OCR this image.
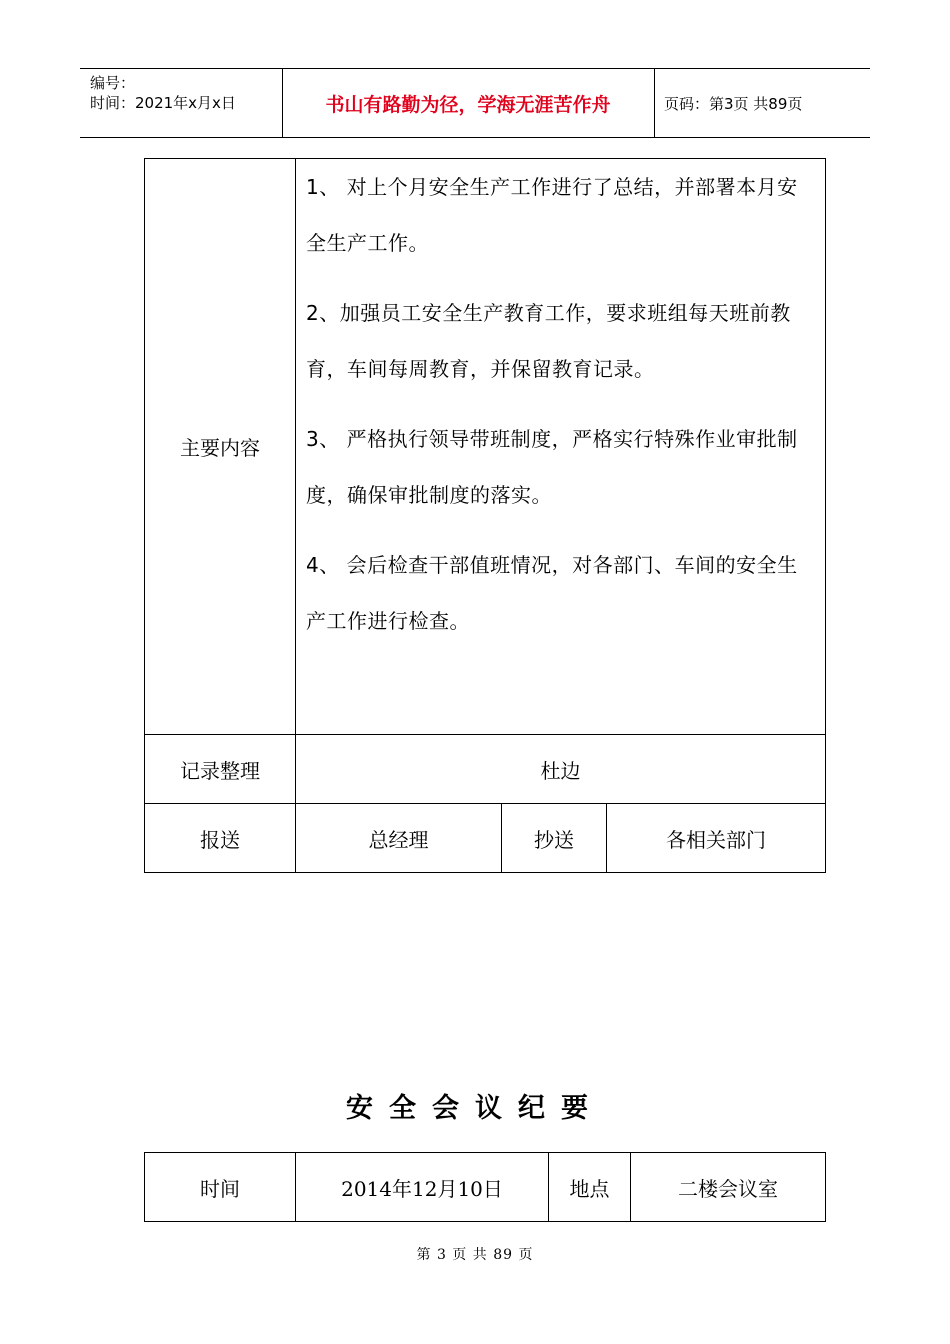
编号：
时间：2021年x月x日	书山有路勤为径，学海无涯苦作舟	页码：第3页 共89页
主要内容	1、 对上个月安全生产工作进行了总结，并部署本月安 全生产工作。

2、加强员工安全生产教育工作，要求班组每天班前教 育，车间每周教育，并保留教育记录。

3、 严格执行领导带班制度，严格实行特殊作业审批制 度，确保审批制度的落实。

4、 会后检查干部值班情况，对各部门、车间的安全生 产工作进行检查。		

记录整理	杜边		
报送	总经理	抄送	各相关部门
安全会议纪要
时间	2014年12月10日	地点	二楼会议室
第 3 页 共 89 页
